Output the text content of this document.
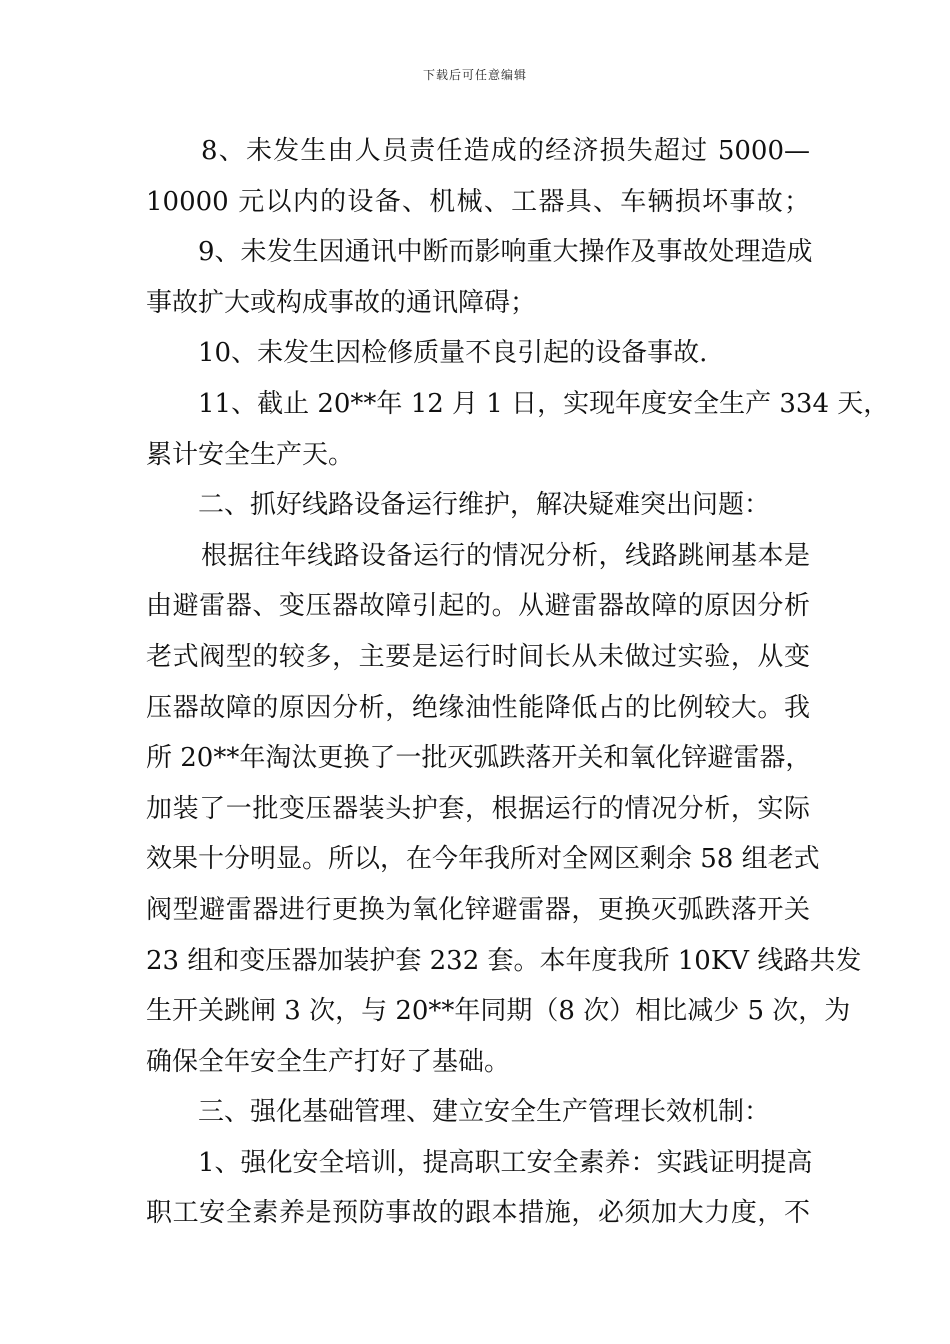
下载后可任意编辑
8、未发生由人员责任造成的经济损失超过 5000—
10000 元以内的设备、机械、工器具、车辆损坏事故；
9、未发生因通讯中断而影响重大操作及事故处理造成
事故扩大或构成事故的通讯障碍；
10、未发生因检修质量不良引起的设备事故.
11、截止 20**年 12 月 1 日，实现年度安全生产 334 天，
累计安全生产天。
二、抓好线路设备运行维护，解决疑难突出问题：
根据往年线路设备运行的情况分析，线路跳闸基本是
由避雷器、变压器故障引起的。从避雷器故障的原因分析
老式阀型的较多，主要是运行时间长从未做过实验，从变
压器故障的原因分析，绝缘油性能降低占的比例较大。我
所 20**年淘汰更换了一批灭弧跌落开关和氧化锌避雷器，
加装了一批变压器装头护套，根据运行的情况分析，实际
效果十分明显。所以，在今年我所对全网区剩余 58 组老式
阀型避雷器进行更换为氧化锌避雷器，更换灭弧跌落开关
23 组和变压器加装护套 232 套。本年度我所 10KV 线路共发
生开关跳闸 3 次，与 20**年同期（8 次）相比减少 5 次，为
确保全年安全生产打好了基础。
三、强化基础管理、建立安全生产管理长效机制：
1、强化安全培训，提高职工安全素养：实践证明提高
职工安全素养是预防事故的跟本措施，必须加大力度，不
